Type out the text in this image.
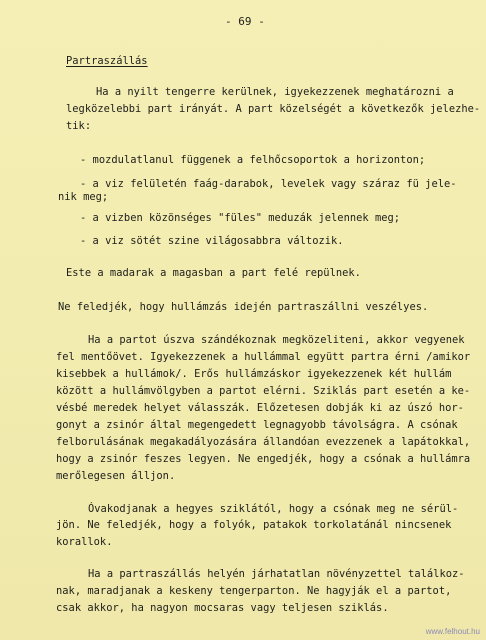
- 69 -
Partraszállás
Ha a nyilt tengerre kerülnek, igyekezzenek meghatározni a
legközelebbi part irányát. A part közelségét a következők jelezhe-
tik:
- mozdulatlanul függenek a felhőcsoportok a horizonton;
- a viz felületén faág-darabok, levelek vagy száraz fü jele-
nik meg;
- a vizben közönséges "füles" meduzák jelennek meg;
- a viz sötét szine világosabbra változik.
Este a madarak a magasban a part felé repülnek.
Ne feledjék, hogy hullámzás idején partraszállni veszélyes.
Ha a partot úszva szándékoznak megközeliteni, akkor vegyenek
fel mentőövet. Igyekezzenek a hullámmal együtt partra érni /amikor
kisebbek a hullámok/. Erős hullámzáskor igyekezzenek két hullám
között a hullámvölgyben a partot elérni. Sziklás part esetén a ke-
vésbé meredek helyet válasszák. Előzetesen dobják ki az úszó hor-
gonyt a zsinór által megengedett legnagyobb távolságra. A csónak
felborulásának megakadályozására állandóan evezzenek a lapátokkal,
hogy a zsinór feszes legyen. Ne engedjék, hogy a csónak a hullámra
merőlegesen álljon.
Óvakodjanak a hegyes sziklától, hogy a csónak meg ne sérül-
jön. Ne feledjék, hogy a folyók, patakok torkolatánál nincsenek
korallok.
Ha a partraszállás helyén járhatatlan növényzettel találkoz-
nak, maradjanak a keskeny tengerparton. Ne hagyják el a partot,
csak akkor, ha nagyon mocsaras vagy teljesen sziklás.
www.felhout.hu
